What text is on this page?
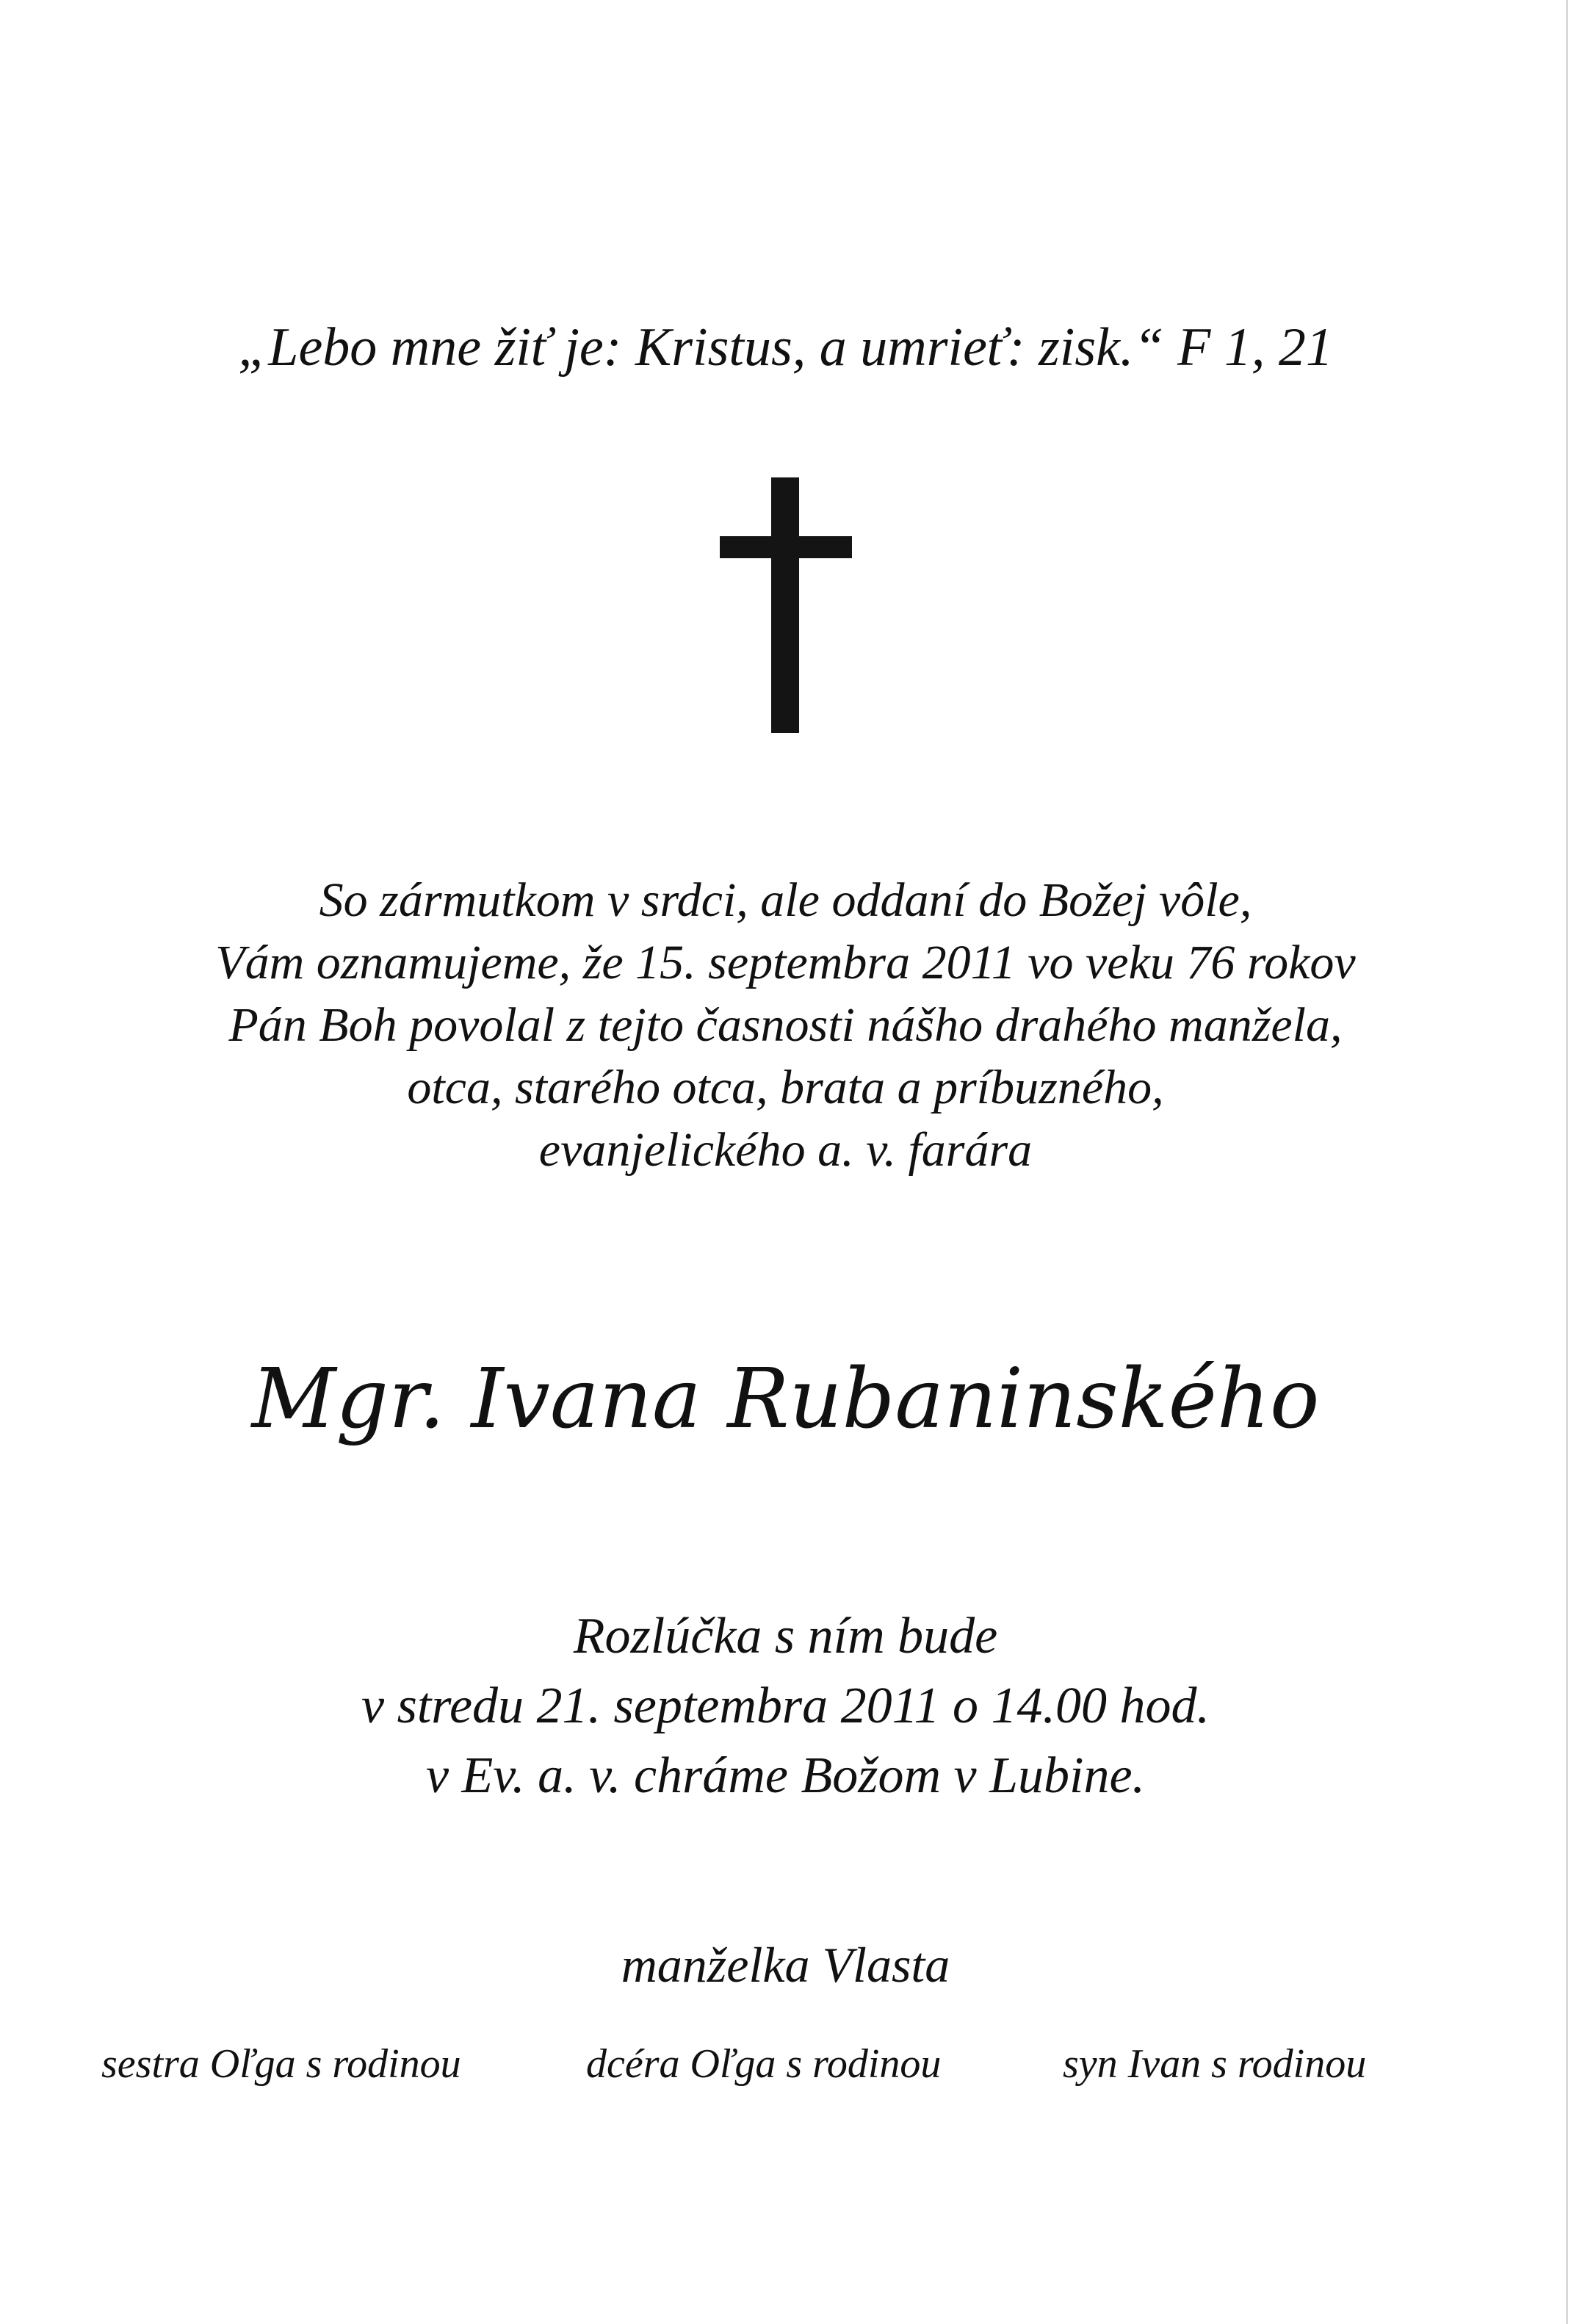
„Lebo mne žiť je: Kristus, a umrieť: zisk.“ F 1, 21
So zármutkom v srdci, ale oddaní do Božej vôle,
Vám oznamujeme, že 15. septembra 2011 vo veku 76 rokov
Pán Boh povolal z tejto časnosti nášho drahého manžela,
otca, starého otca, brata a príbuzného,
evanjelického a. v. farára
Mgr. Ivana Rubaninského
Rozlúčka s ním bude
v stredu 21. septembra 2011 o 14.00 hod.
v Ev. a. v. chráme Božom v Lubine.
manželka Vlasta
sestra Oľga s rodinou	dcéra Oľga s rodinou	syn Ivan s rodinou
